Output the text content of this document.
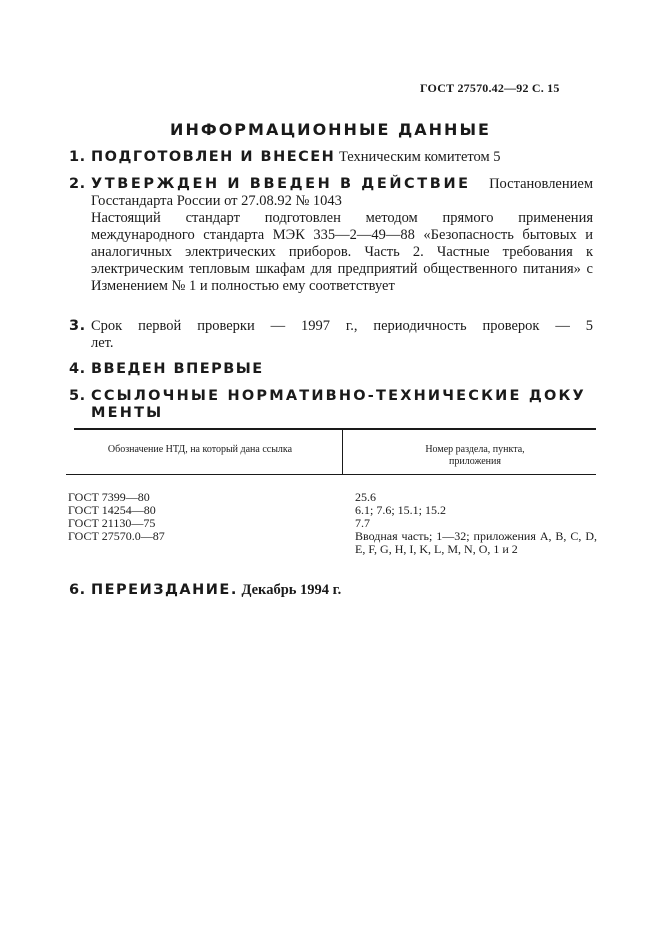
ГОСТ 27570.42—92 С. 15
ИНФОРМАЦИОННЫЕ ДАННЫЕ
1. ПОДГОТОВЛЕН И ВНЕСЕН Техническим комитетом 5
2. УТВЕРЖДЕН И ВВЕДЕН В ДЕЙСТВИЕ Постановлением
Госстандарта России от 27.08.92 № 1043
Настоящий стандарт подготовлен методом прямого применения международного стандарта МЭК 335—2—49—88 «Безопасность бытовых и аналогичных электрических приборов. Часть 2. Частные требования к электрическим тепловым шкафам для предприятий общественного питания» с Изменением № 1 и полностью ему соответствует
3. Срок первой проверки — 1997 г., периодичность проверок — 5 лет.
4. ВВЕДЕН ВПЕРВЫЕ
5. ССЫЛОЧНЫЕ НОРМАТИВНО-ТЕХНИЧЕСКИЕ ДОКУМЕНТЫ
Обозначение НТД, на который дана ссылка	Номер раздела, пункта, приложения
ГОСТ 7399—80
ГОСТ 14254—80
ГОСТ 21130—75
ГОСТ 27570.0—87
25.6
6.1; 7.6; 15.1; 15.2
7.7
Вводная часть; 1—32; приложения A, B, C, D, E, F, G, H, I, K, L, M, N, O, 1 и 2
6. ПЕРЕИЗДАНИЕ. Декабрь 1994 г.
